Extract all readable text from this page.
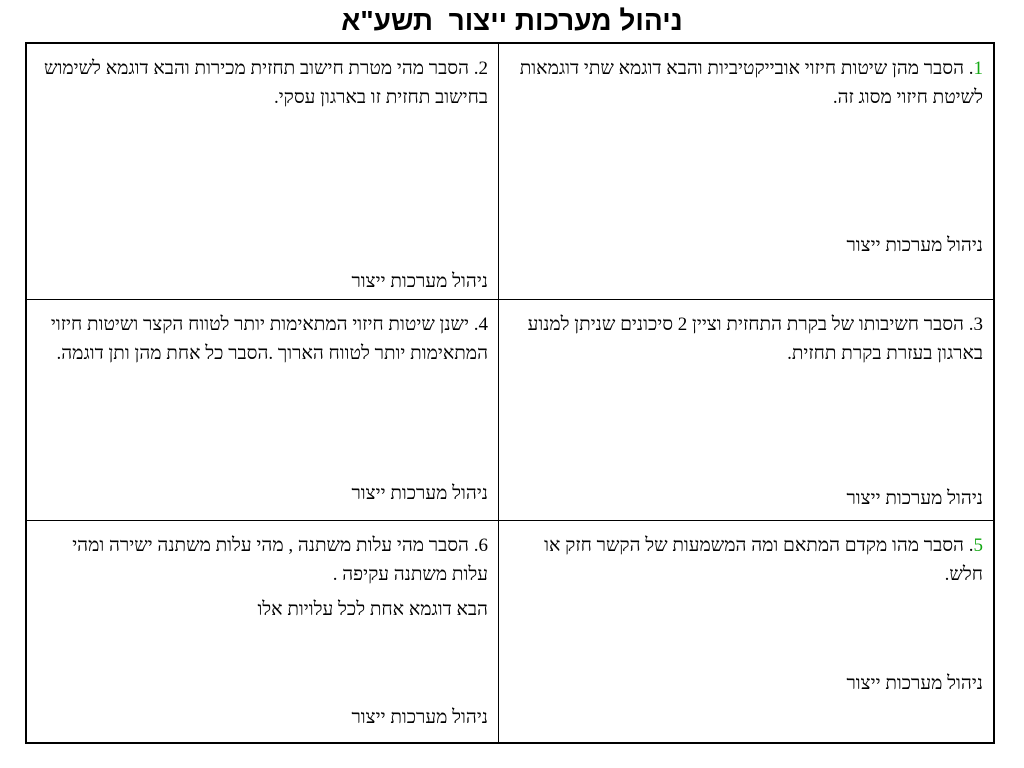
ניהול מערכות ייצור  תשע"א

2. הסבר מהי מטרת חישוב תחזית מכירות והבא דוגמא לשימוש בחישוב תחזית זו בארגון עסקי.

ניהול מערכות ייצור

1. הסבר מהן שיטות חיזוי אובייקטיביות והבא דוגמא שתי דוגמאות לשיטת חיזוי מסוג זה.

ניהול מערכות ייצור

4. ישנן שיטות חיזוי המתאימות יותר לטווח הקצר ושיטות חיזוי המתאימות יותר לטווח הארוך .הסבר כל אחת מהן ותן דוגמה.

ניהול מערכות ייצור

3. הסבר חשיבותו של בקרת התחזית וציין 2 סיכונים שניתן למנוע בארגון בעזרת בקרת תחזית.

ניהול מערכות ייצור

6. הסבר מהי עלות משתנה , מהי עלות משתנה ישירה ומהי עלות משתנה עקיפה .

הבא דוגמא אחת לכל עלויות אלו

ניהול מערכות ייצור

5. הסבר מהו מקדם המתאם ומה המשמעות של הקשר חזק או חלש.

ניהול מערכות ייצור
